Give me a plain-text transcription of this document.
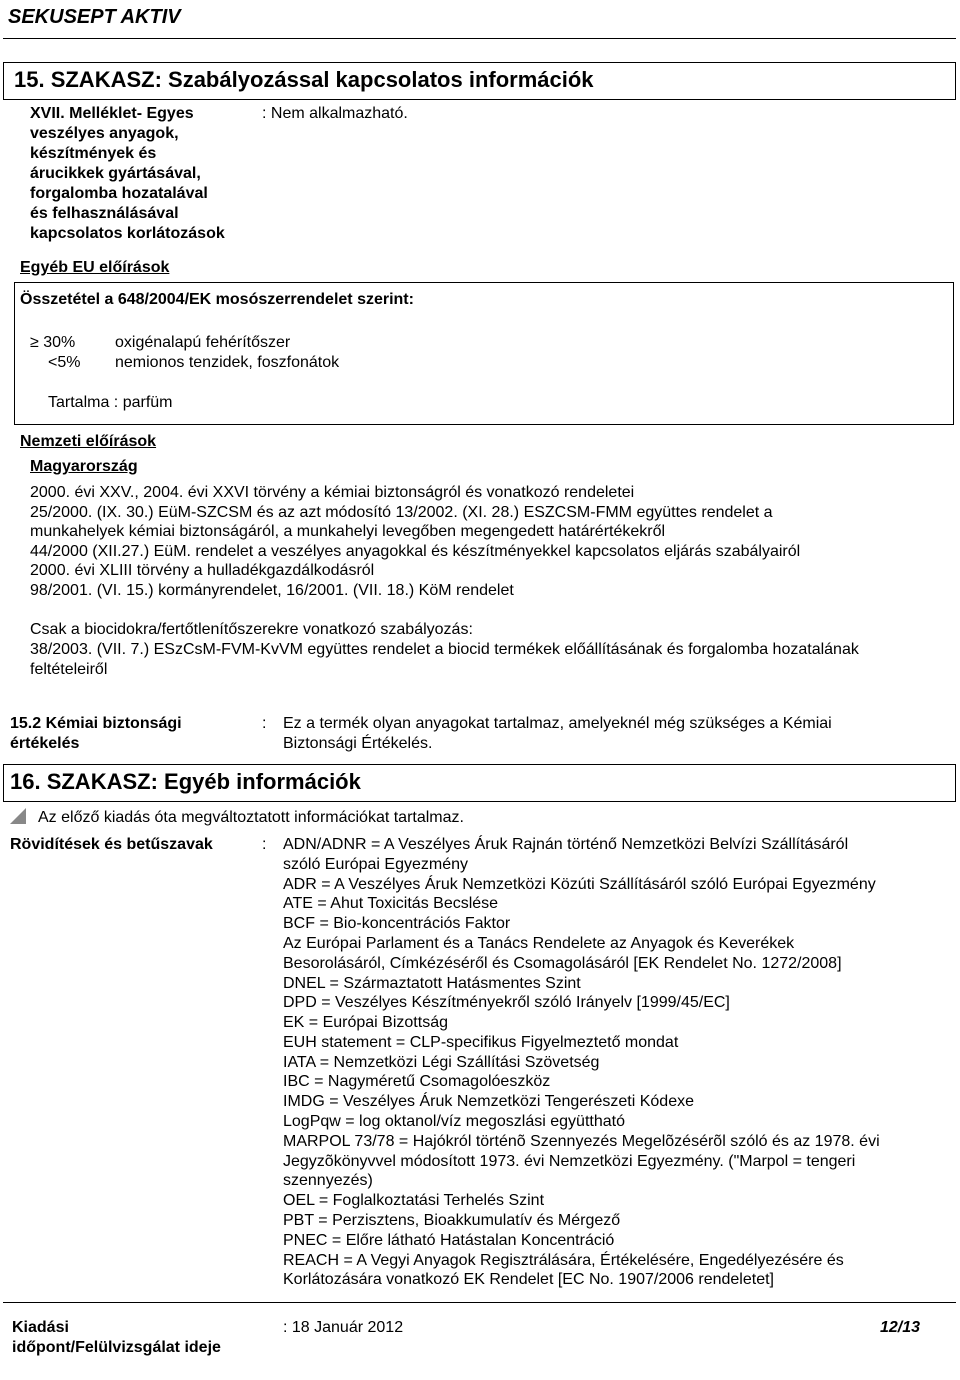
SEKUSEPT AKTIV
15. SZAKASZ: Szabályozással kapcsolatos információk
XVII. Melléklet- Egyes
veszélyes anyagok,
készítmények és
árucikkek gyártásával,
forgalomba hozatalával
és felhasználásával
kapcsolatos korlátozások
: Nem alkalmazható.
Egyéb EU előírások
Összetétel a 648/2004/EK mosószerrendelet szerint:
≥ 30% oxigénalapú fehérítőszer
<5% nemionos tenzidek, foszfonátok
Tartalma : parfüm
Nemzeti előírások
Magyarország
2000. évi XXV., 2004. évi XXVI törvény a kémiai biztonságról és vonatkozó rendeletei
25/2000. (IX. 30.) EüM-SZCSM és az azt módosító 13/2002. (XI. 28.) ESZCSM-FMM együttes rendelet a
munkahelyek kémiai biztonságáról, a munkahelyi levegőben megengedett határértékekről
44/2000 (XII.27.) EüM. rendelet a veszélyes anyagokkal és készítményekkel kapcsolatos eljárás szabályairól
2000. évi XLIII törvény a hulladékgazdálkodásról
98/2001. (VI. 15.) kormányrendelet, 16/2001. (VII. 18.) KöM rendelet
Csak a biocidokra/fertőtlenítőszerekre vonatkozó szabályozás:
38/2003. (VII. 7.) ESzCsM-FVM-KvVM együttes rendelet a biocid termékek előállításának és forgalomba hozatalának
feltételeiről
15.2 Kémiai biztonsági
értékelés
: Ez a termék olyan anyagokat tartalmaz, amelyeknél még szükséges a Kémiai
Biztonsági Értékelés.
16. SZAKASZ: Egyéb információk
Az előző kiadás óta megváltoztatott információkat tartalmaz.
Rövidítések és betűszavak	: ADN/ADNR = A Veszélyes Áruk Rajnán történő Nemzetközi Belvízi Szállításáról
szóló Európai Egyezmény
ADR = A Veszélyes Áruk Nemzetközi Közúti Szállításáról szóló Európai Egyezmény
ATE = Ahut Toxicitás Becslése
BCF = Bio-koncentrációs Faktor
Az Európai Parlament és a Tanács Rendelete az Anyagok és Keverékek
Besorolásáról, Címkézéséről és Csomagolásáról [EK Rendelet No. 1272/2008]
DNEL = Származtatott Hatásmentes Szint
DPD = Veszélyes Készítményekről szóló Irányelv [1999/45/EC]
EK = Európai Bizottság
EUH statement = CLP-specifikus Figyelmeztető mondat
IATA = Nemzetközi Légi Szállítási Szövetség
IBC = Nagyméretű Csomagolóeszköz
IMDG = Veszélyes Áruk Nemzetközi Tengerészeti Kódexe
LogPqw = log oktanol/víz megoszlási együttható
MARPOL 73/78 = Hajókról történõ Szennyezés Megelõzésérõl szóló és az 1978. évi
Jegyzõkönyvvel módosított 1973. évi Nemzetközi Egyezmény. ("Marpol = tengeri
szennyezés)
OEL = Foglalkoztatási Terhelés Szint
PBT = Perzisztens, Bioakkumulatív és Mérgező
PNEC = Előre látható Hatástalan Koncentráció
REACH = A Vegyi Anyagok Regisztrálására, Értékelésére, Engedélyezésére és
Korlátozására vonatkozó EK Rendelet [EC No. 1907/2006 rendeletet]
Kiadási
időpont/Felülvizsgálat ideje
: 18 Január 2012	12/13
